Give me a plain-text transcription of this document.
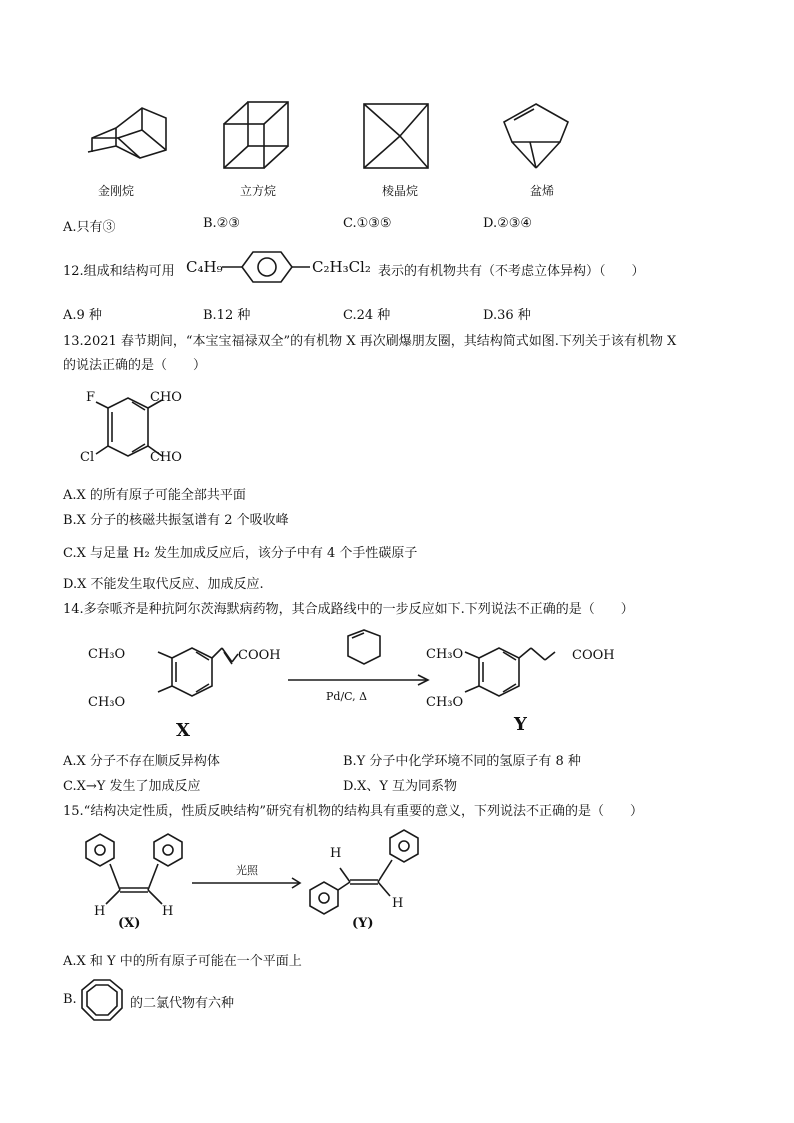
金刚烷	立方烷	棱晶烷	盆烯
A.只有③	B.②③	C.①③⑤	D.②③④
12.组成和结构可用 C₄H₉	C₂H₃Cl₂ 表示的有机物共有（不考虑立体异构）（　　）
A.9 种	B.12 种	C.24 种	D.36 种
13.2021 春节期间，“本宝宝福禄双全”的有机物 X 再次刷爆朋友圈，其结构简式如图.下列关于该有机物 X
的说法正确的是（　　）
F
Cl
CHO
CHO
A.X 的所有原子可能全部共平面
B.X 分子的核磁共振氢谱有 2 个吸收峰
C.X 与足量 H₂ 发生加成反应后，该分子中有 4 个手性碳原子
D.X 不能发生取代反应、加成反应.
14.多奈哌齐是种抗阿尔茨海默病药物，其合成路线中的一步反应如下.下列说法不正确的是（　　）
CH₃O
CH₃O
COOH
X
Pd/C, Δ
CH₃O
CH₃O
COOH
Y
A.X 分子不存在顺反异构体	B.Y 分子中化学环境不同的氢原子有 8 种
C.X→Y 发生了加成反应	D.X、Y 互为同系物
15.“结构决定性质，性质反映结构”研究有机物的结构具有重要的意义，下列说法不正确的是（　　）
H	H
(X)
光照
H
H
(Y)
A.X 和 Y 中的所有原子可能在一个平面上
B.	的二氯代物有六种
